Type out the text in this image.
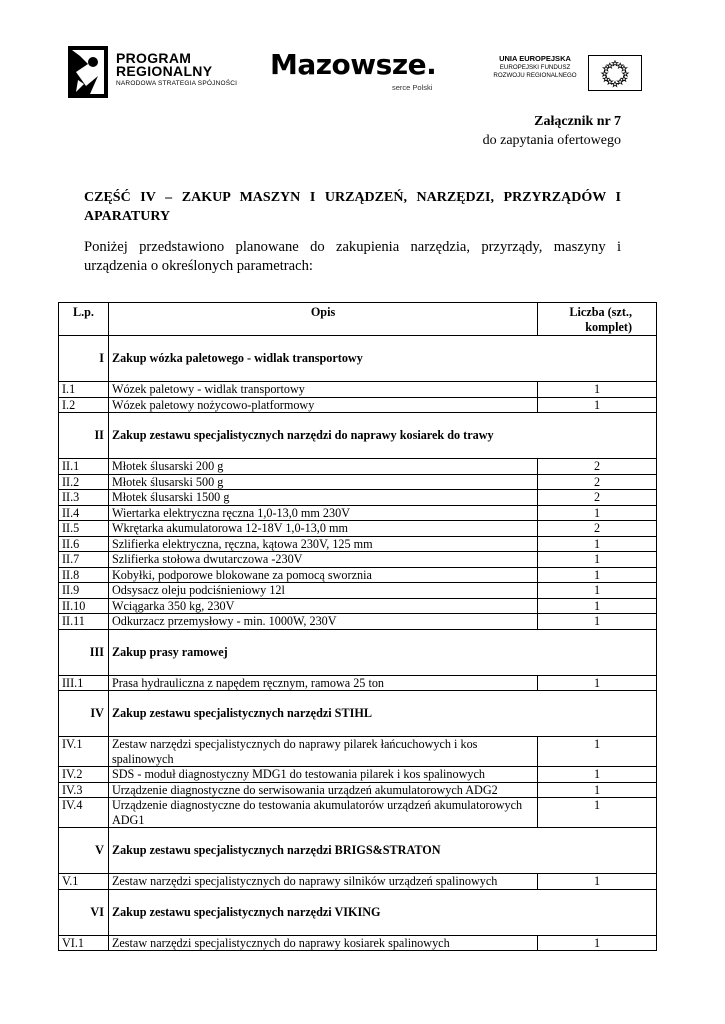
PROGRAM
REGIONALNY
NARODOWA STRATEGIA SPÓJNOŚCI
Mazowsze.
serce Polski
UNIA EUROPEJSKA
EUROPEJSKI FUNDUSZ
ROZWOJU REGIONALNEGO
Załącznik nr 7
do zapytania ofertowego
CZĘŚĆ IV – ZAKUP MASZYN I URZĄDZEŃ, NARZĘDZI, PRZYRZĄDÓW I APARATURY
Poniżej przedstawiono planowane do zakupienia narzędzia, przyrządy, maszyny i urządzenia o określonych parametrach:
L.p.	Opis	Liczba (szt.,
komplet)
I	Zakup wózka paletowego - widlak transportowy	
I.1	Wózek paletowy - widlak transportowy	1
I.2	Wózek paletowy nożycowo-platformowy	1
II	Zakup zestawu specjalistycznych narzędzi do naprawy kosiarek do trawy	
II.1	Młotek ślusarski 200 g	2
II.2	Młotek ślusarski 500 g	2
II.3	Młotek ślusarski 1500 g	2
II.4	Wiertarka elektryczna ręczna 1,0-13,0 mm 230V	1
II.5	Wkrętarka akumulatorowa 12-18V 1,0-13,0 mm	2
II.6	Szlifierka elektryczna, ręczna, kątowa 230V, 125 mm	1
II.7	Szlifierka stołowa dwutarczowa -230V	1
II.8	Kobyłki, podporowe blokowane za pomocą sworznia	1
II.9	Odsysacz oleju podciśnieniowy 12l	1
II.10	Wciągarka 350 kg, 230V	1
II.11	Odkurzacz przemysłowy - min. 1000W, 230V	1
III	Zakup prasy ramowej	
III.1	Prasa hydrauliczna z napędem ręcznym, ramowa 25 ton	1
IV	Zakup zestawu specjalistycznych narzędzi STIHL	
IV.1	Zestaw narzędzi specjalistycznych do naprawy pilarek łańcuchowych i kos spalinowych	1
IV.2	SDS - moduł diagnostyczny MDG1 do testowania pilarek i kos spalinowych	1
IV.3	Urządzenie diagnostyczne do serwisowania urządzeń akumulatorowych ADG2	1
IV.4	Urządzenie diagnostyczne do testowania akumulatorów urządzeń akumulatorowych ADG1	1
V	Zakup zestawu specjalistycznych narzędzi BRIGS&STRATON	
V.1	Zestaw narzędzi specjalistycznych do naprawy silników urządzeń spalinowych	1
VI	Zakup zestawu specjalistycznych narzędzi VIKING	
VI.1	Zestaw narzędzi specjalistycznych do naprawy kosiarek spalinowych	1
